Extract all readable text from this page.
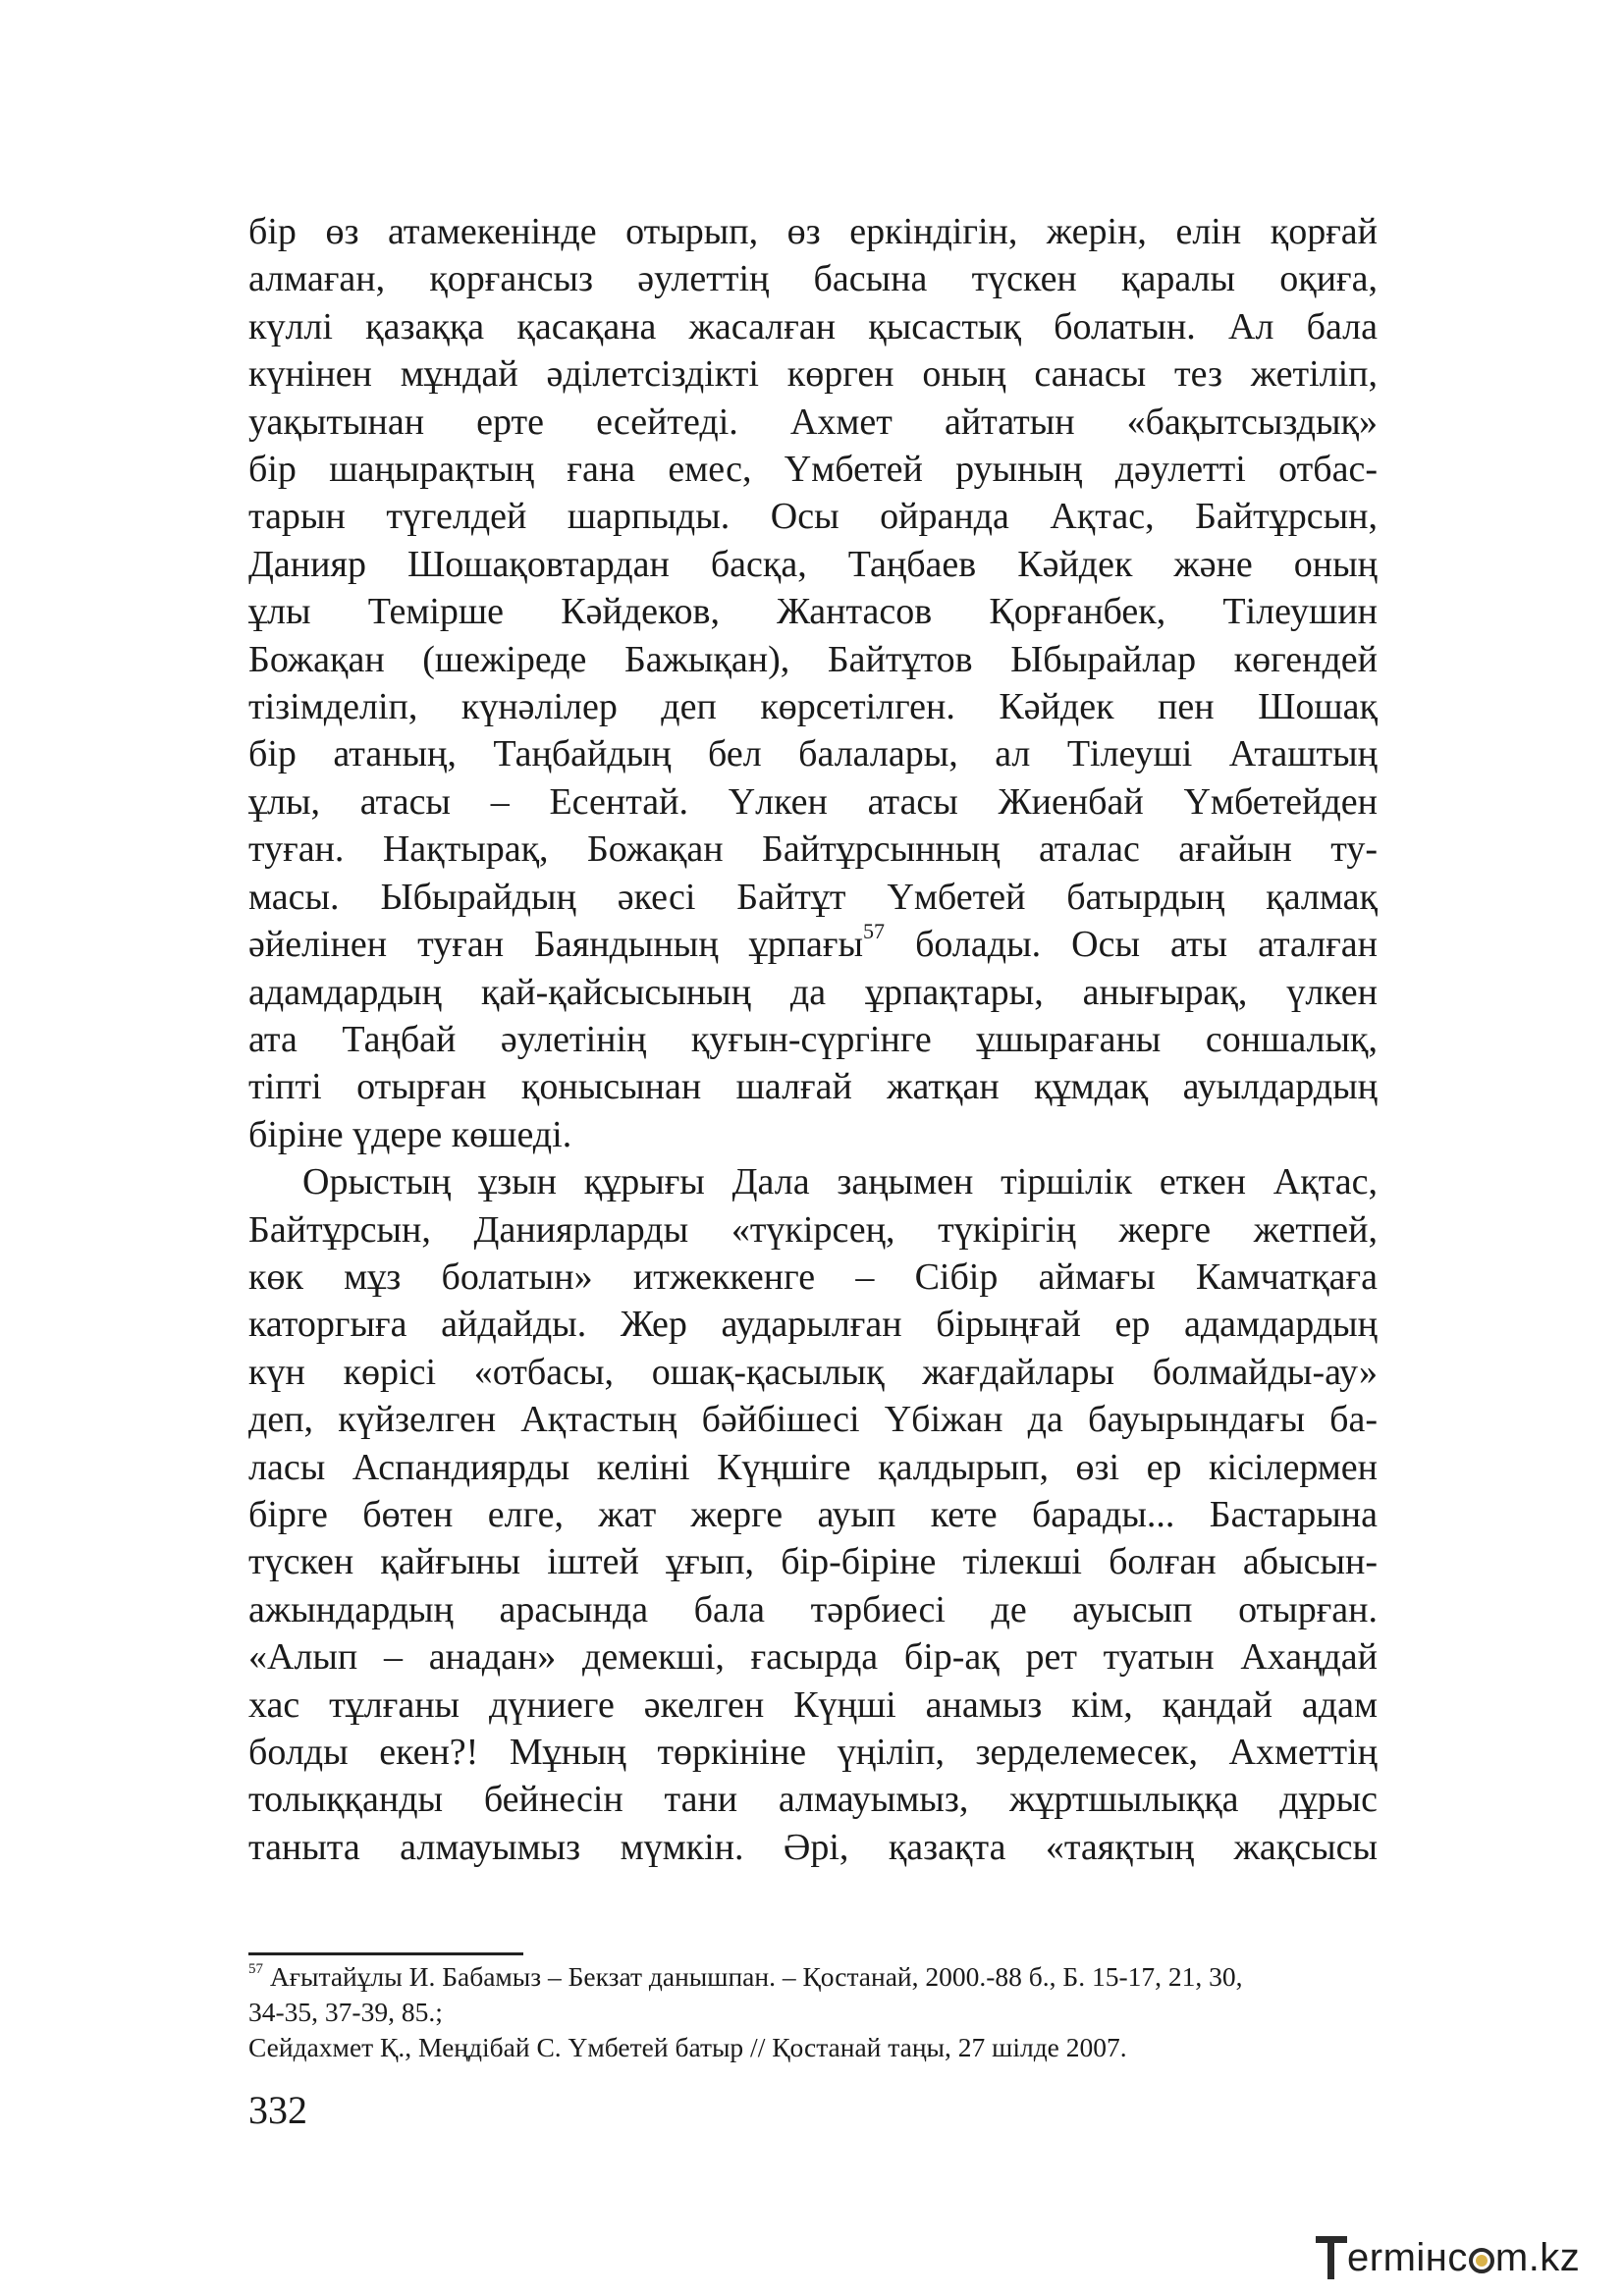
бір өз атамекенінде отырып, өз еркіндігін, жерін, елін қорғай
алмаған, қорғансыз әулеттің басына түскен қаралы оқиға,
күллі қазаққа қасақана жасалған қысастық болатын. Ал бала
күнінен мұндай әділетсіздікті көрген оның санасы тез жетіліп,
уақытынан ерте есейтеді. Ахмет айтатын «бақытсыздық»
бір шаңырақтың ғана емес, Үмбетей руының дәулетті отбас-
тарын түгелдей шарпыды. Осы ойранда Ақтас, Байтұрсын,
Данияр Шошақовтардан басқа, Таңбаев Кәйдек және оның
ұлы Темірше Кәйдеков, Жантасов Қорғанбек, Тілеушин
Божақан (шежіреде Бажықан), Байтұтов Ыбырайлар көгендей
тізімделіп, күнәлілер деп көрсетілген. Кәйдек пен Шошақ
бір атаның, Таңбайдың бел балалары, ал Тілеуші Аташтың
ұлы, атасы – Есентай. Үлкен атасы Жиенбай Үмбетейден
туған. Нақтырақ, Божақан Байтұрсынның аталас ағайын ту-
масы. Ыбырайдың әкесі Байтұт Үмбетей батырдың қалмақ
әйелінен туған Баяндының ұрпағы$^{57}$ болады. Осы аты аталған
адамдардың қай-қайсысының да ұрпақтары, анығырақ, үлкен
ата Таңбай әулетінің қуғын-сүргінге ұшырағаны соншалық,
тіпті отырған қонысынан шалғай жатқан құмдақ ауылдардың
біріне үдере көшеді.

Орыстың ұзын құрығы Дала заңымен тіршілік еткен Ақтас,
Байтұрсын, Даниярларды «түкірсең, түкірігің жерге жетпей,
көк мұз болатын» итжеккенге – Сібір аймағы Камчатқаға
каторгыға айдайды. Жер аударылған бірыңғай ер адамдардың
күн көрісі «отбасы, ошақ-қасылық жағдайлары болмайды-ау»
деп, күйзелген Ақтастың бәйбішесі Үбіжан да бауырындағы ба-
ласы Аспандиярды келіні Күңшіге қалдырып, өзі ер кісілермен
бірге бөтен елге, жат жерге ауып кете барады... Бастарына
түскен қайғыны іштей ұғып, бір-біріне тілекші болған абысын-
ажындардың арасында бала тәрбиесі де ауысып отырған.
«Алып – анадан» демекші, ғасырда бір-ақ рет туатын Ахаңдай
хас тұлғаны дүниеге әкелген Күңші анамыз кім, қандай адам
болды екен?! Мұның төркініне үңіліп, зерделемесек, Ахметтің
толыққанды бейнесін тани алмауымыз, жұртшылыққа дұрыс
таныта алмауымыз мүмкін. Әрі, қазақта «таяқтың жақсысы

$^{57}$ Ағытайұлы И. Бабамыз – Бекзат данышпан. – Қостанай, 2000.-88 б., Б. 15-17, 21, 30,
34-35, 37-39, 85.;
Сейдахмет Қ., Меңдібай С. Үмбетей батыр // Қостанай таңы, 27 шілде 2007.
332
ermінс m.kz
